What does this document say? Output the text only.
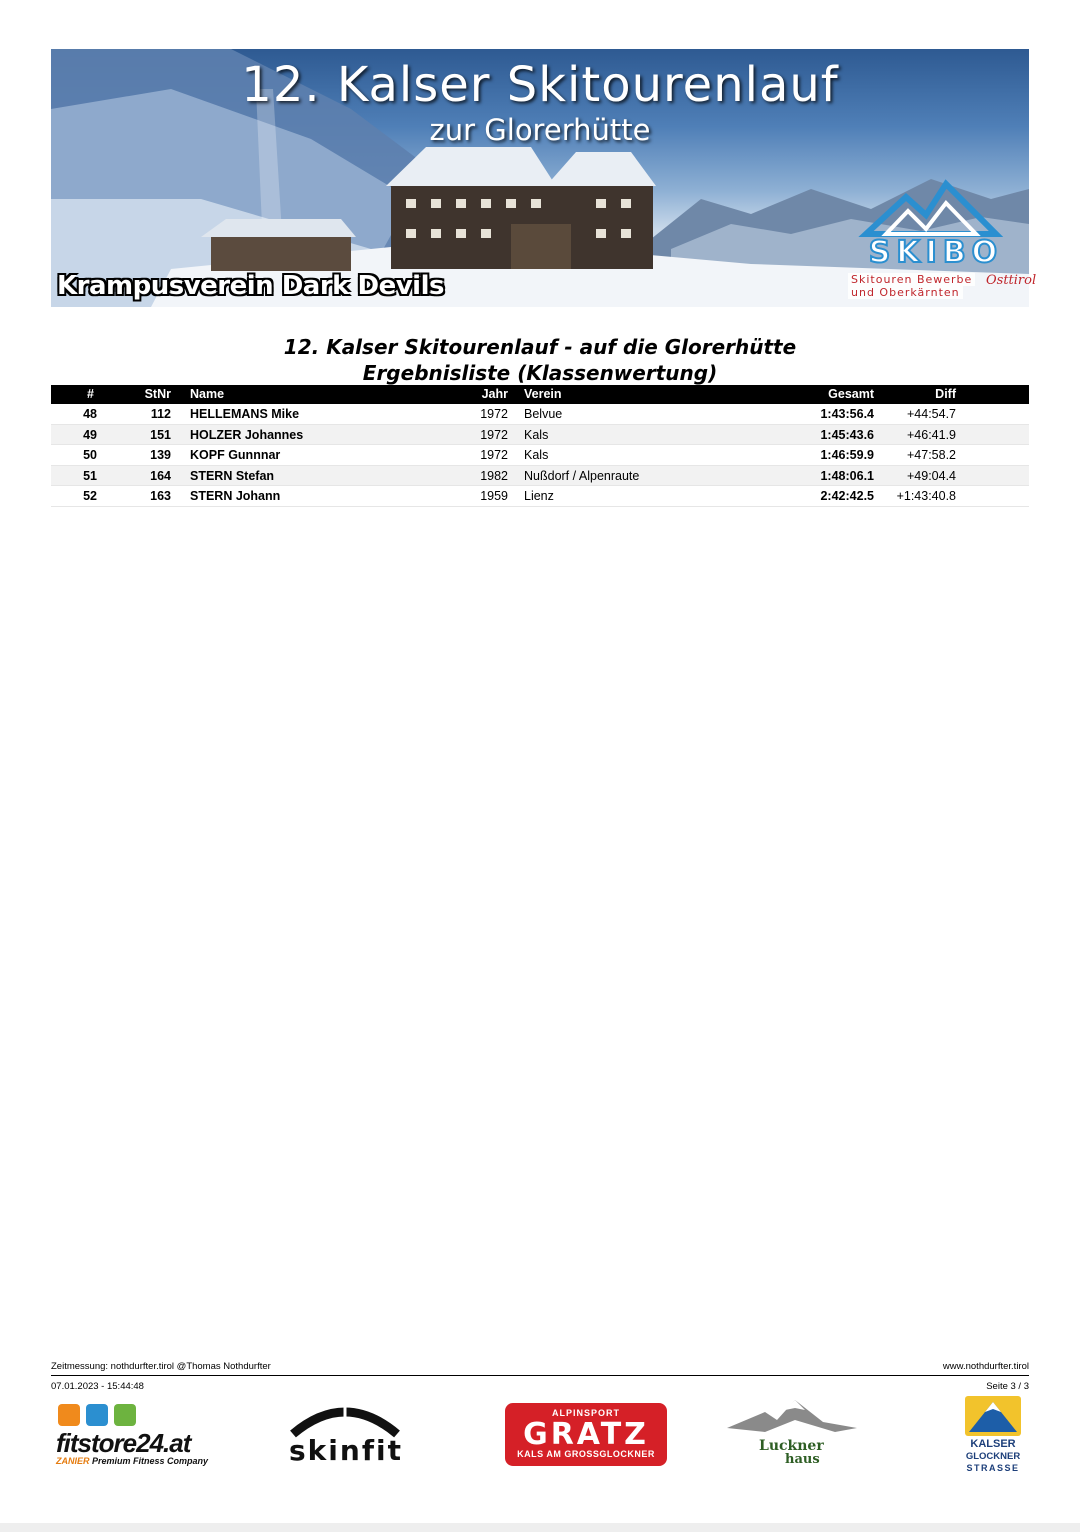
12. Kalser Skitourenlauf
zur Glorerhütte
Krampusverein Dark Devils
SKIBO
Skitouren Bewerbe
und Oberkärnten
Osttirol
12. Kalser Skitourenlauf - auf die Glorerhütte
Ergebnisliste (Klassenwertung)
#	StNr Name	Jahr Verein	Gesamt	Diff
48	112 HELLEMANS Mike	1972 Belvue	1:43:56.4	+44:54.7
49	151 HOLZER Johannes	1972 Kals	1:45:43.6	+46:41.9
50	139 KOPF Gunnnar	1972 Kals	1:46:59.9	+47:58.2
51	164 STERN Stefan	1982 Nußdorf / Alpenraute	1:48:06.1	+49:04.4
52	163 STERN Johann	1959 Lienz	2:42:42.5	+1:43:40.8
Zeitmessung: nothdurfter.tirol @Thomas Nothdurfter	www.nothdurfter.tirol
07.01.2023 - 15:44:48	Seite 3 / 3
fitstore24.at
ZANIER Premium Fitness Company	skinfit
ALPINSPORT
GRATZ
KALS AM GROSSGLOCKNER	Luckner
haus
KALSER
GLOCKNER
STRASSE
